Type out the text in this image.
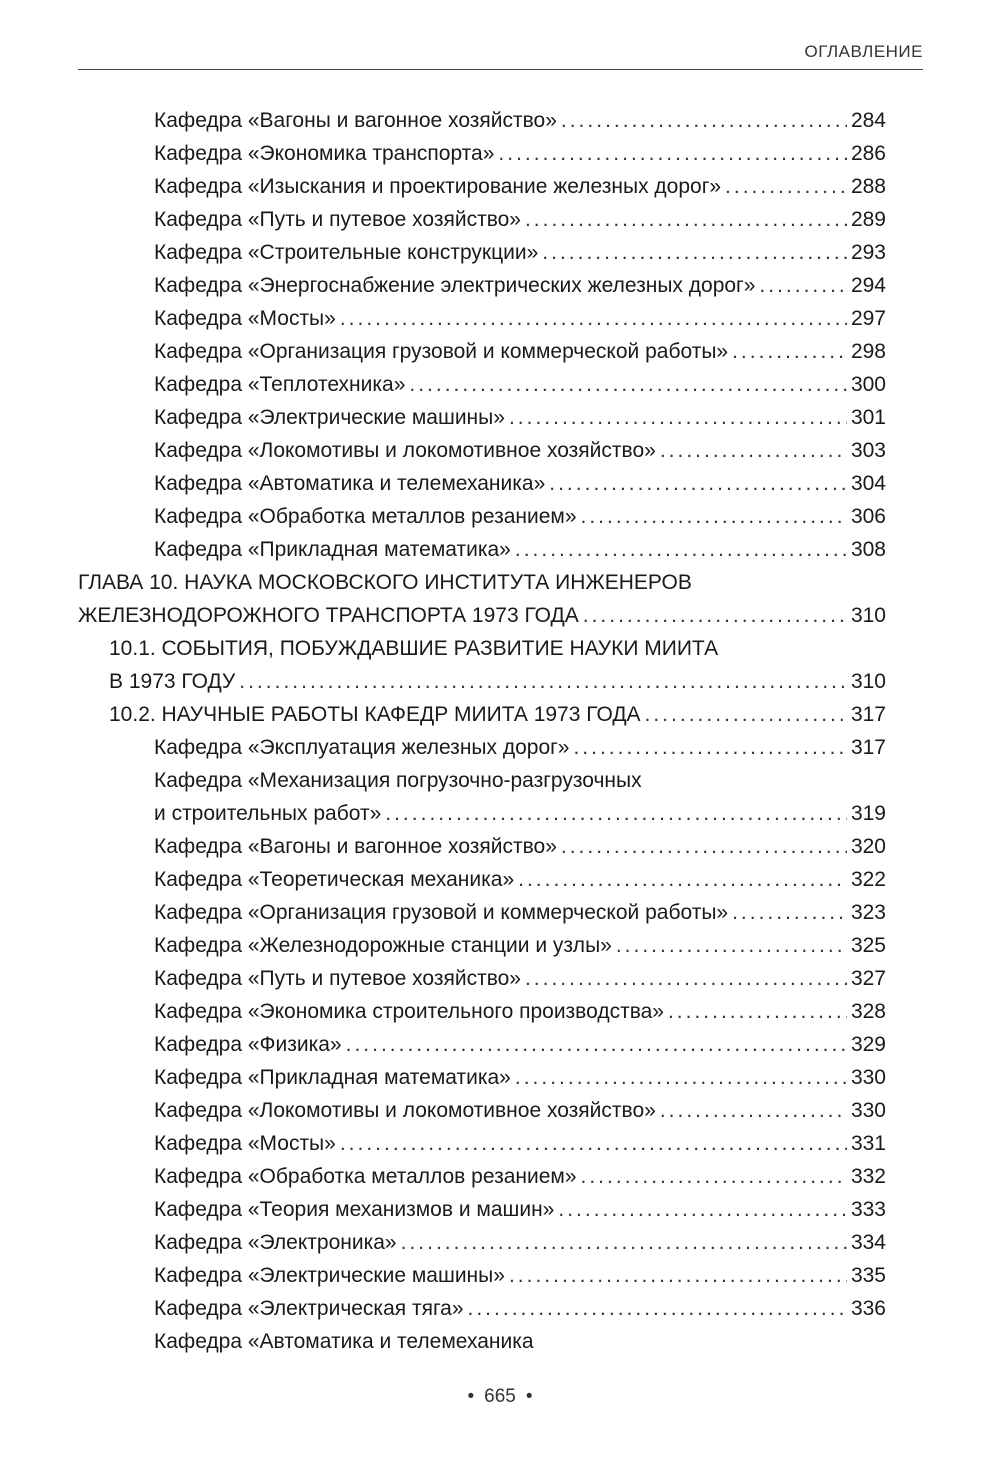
ОГЛАВЛЕНИЕ
Кафедра «Вагоны и вагонное хозяйство» .....	284
Кафедра «Экономика транспорта» .....	286
Кафедра «Изыскания и проектирование железных дорог» .....	288
Кафедра «Путь и путевое хозяйство» .....	289
Кафедра «Строительные конструкции» .....	293
Кафедра «Энергоснабжение электрических железных дорог» .....	294
Кафедра «Мосты» .....	297
Кафедра «Организация грузовой и коммерческой работы» .....	298
Кафедра «Теплотехника» .....	300
Кафедра «Электрические машины» .....	301
Кафедра «Локомотивы и локомотивное хозяйство» .....	303
Кафедра «Автоматика и телемеханика» .....	304
Кафедра «Обработка металлов резанием» .....	306
Кафедра «Прикладная математика» .....	308
ГЛАВА 10. НАУКА МОСКОВСКОГО ИНСТИТУТА ИНЖЕНЕРОВ
ЖЕЛЕЗНОДОРОЖНОГО ТРАНСПОРТА 1973 ГОДА .....	310
10.1. СОБЫТИЯ, ПОБУЖДАВШИЕ РАЗВИТИЕ НАУКИ МИИТА
В 1973 ГОДУ .....	310
10.2. НАУЧНЫЕ РАБОТЫ КАФЕДР МИИТА 1973 ГОДА .....	317
Кафедра «Эксплуатация железных дорог» .....	317
Кафедра «Механизация погрузочно-разгрузочных
и строительных работ» .....	319
Кафедра «Вагоны и вагонное хозяйство» .....	320
Кафедра «Теоретическая механика» .....	322
Кафедра «Организация грузовой и коммерческой работы» .....	323
Кафедра «Железнодорожные станции и узлы» .....	325
Кафедра «Путь и путевое хозяйство» .....	327
Кафедра «Экономика строительного производства» .....	328
Кафедра «Физика» .....	329
Кафедра «Прикладная математика» .....	330
Кафедра «Локомотивы и локомотивное хозяйство» .....	330
Кафедра «Мосты» .....	331
Кафедра «Обработка металлов резанием» .....	332
Кафедра «Теория механизмов и машин» .....	333
Кафедра «Электроника» .....	334
Кафедра «Электрические машины» .....	335
Кафедра «Электрическая тяга» .....	336
Кафедра «Автоматика и телемеханика
• 665 •
